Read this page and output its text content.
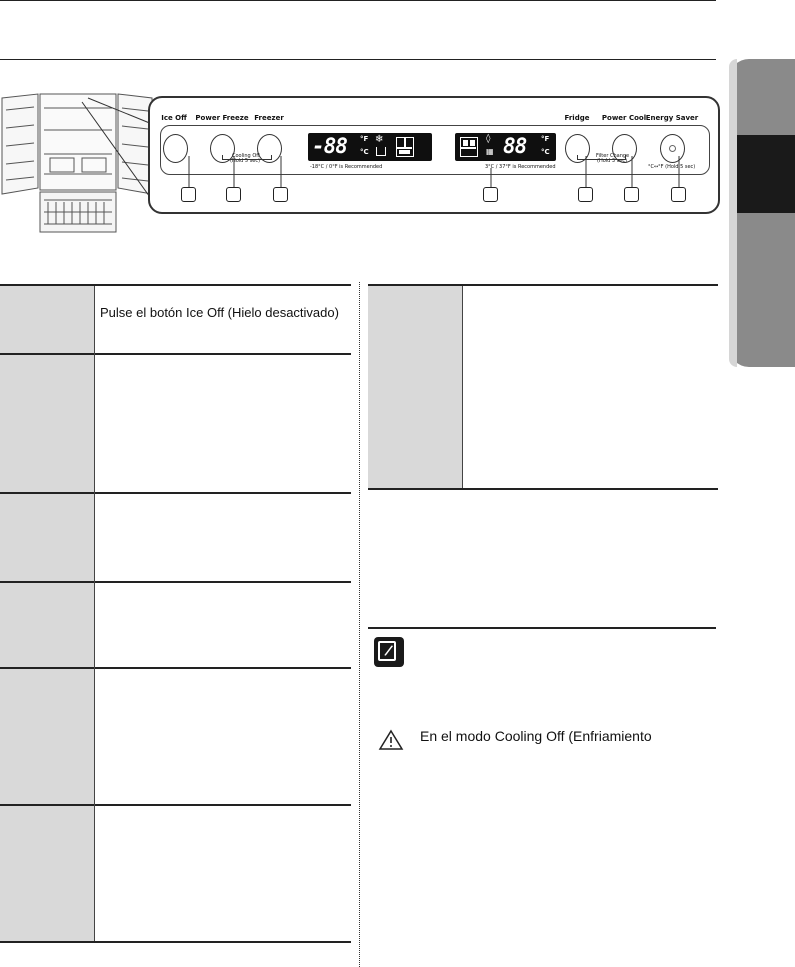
Ice Off Power Freeze Freezer	Fridge Power Cool Energy Saver
-88 °F
°C
❄	◊
▦ 88 °F
°C
Cooling Off
(Hold 5 sec)
-18°C / 0°F is Recommended	3°C / 37°F is Recommended
Filter Change
(Hold 3 sec)
°C↔°F (Hold 5 sec)
Pulse el botón Ice Off (Hielo desactivado)
/
En el modo Cooling Off (Enfriamiento
